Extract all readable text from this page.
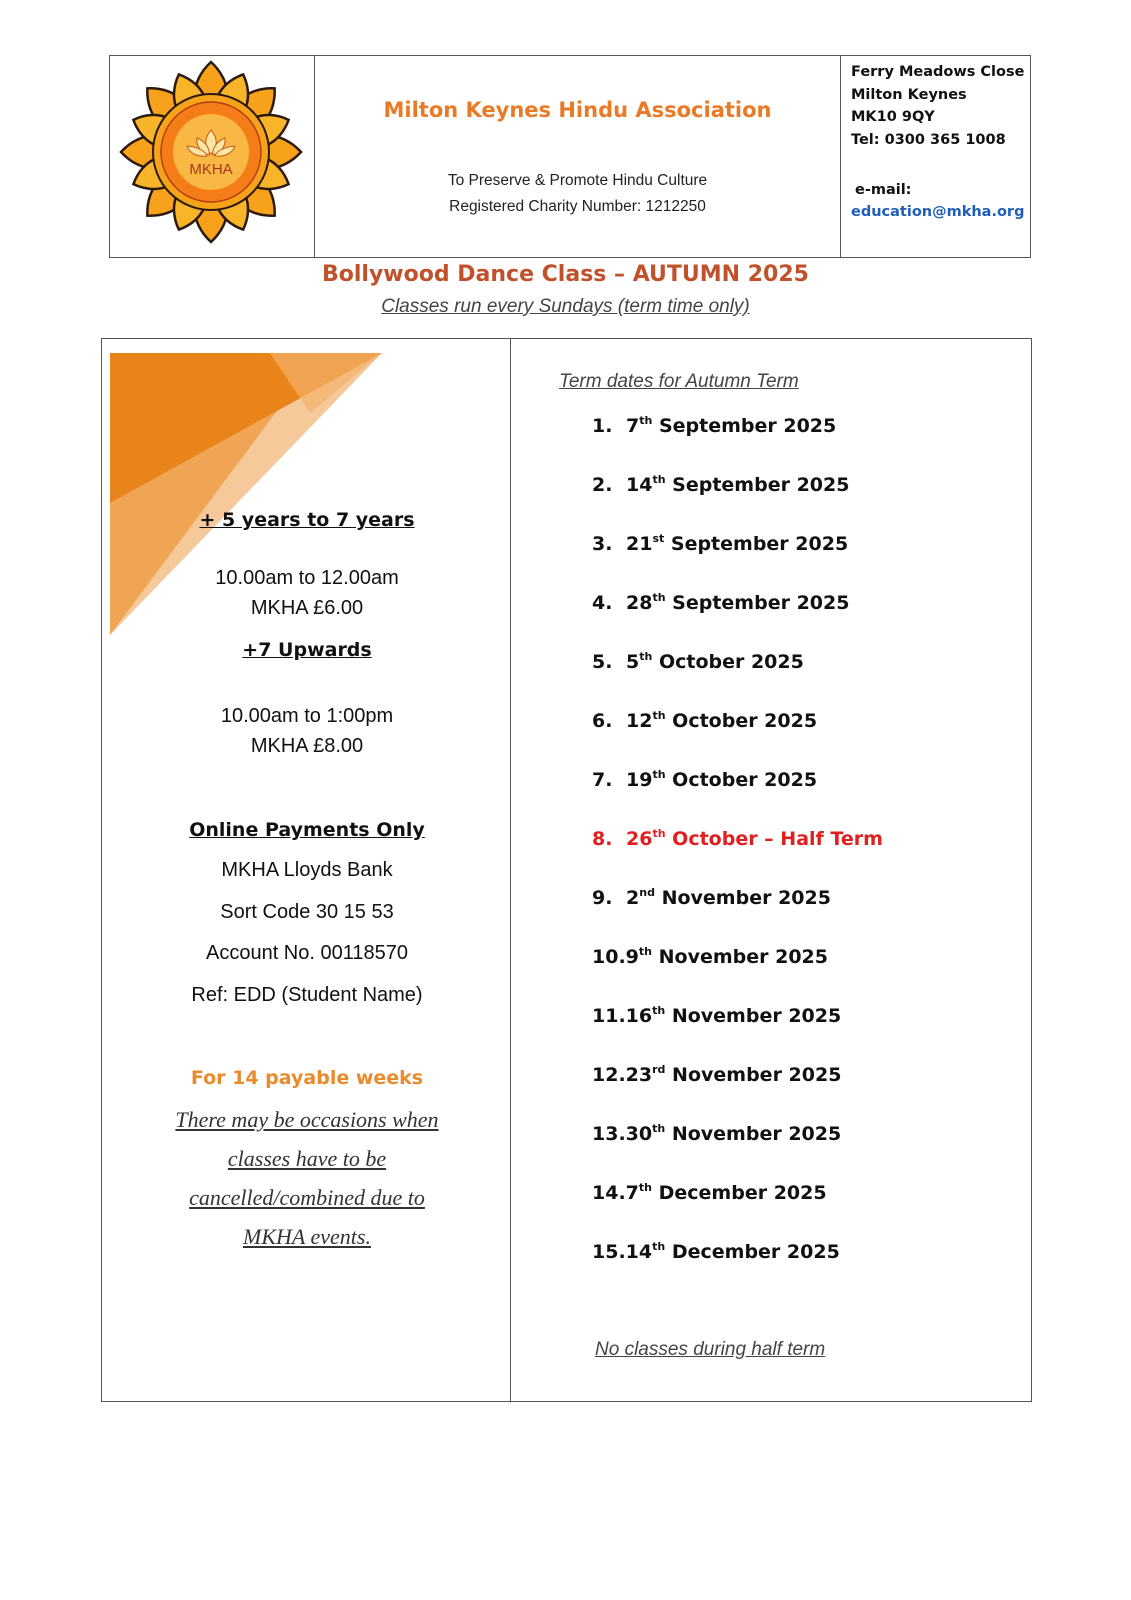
MKHA
Milton Keynes Hindu Association
To Preserve & Promote Hindu Culture
Registered Charity Number: 1212250
Ferry Meadows Close
Milton Keynes
MK10 9QY
Tel: 0300 365 1008
e-mail:
education@mkha.org
Bollywood Dance Class – AUTUMN 2025
Classes run every Sundays (term time only)
+ 5 years to 7 years
10.00am to 12.00am
MKHA £6.00
+7 Upwards
10.00am to 1:00pm
MKHA £8.00
Online Payments Only
MKHA Lloyds Bank
Sort Code 30 15 53
Account No. 00118570
Ref: EDD (Student Name)
For 14 payable weeks
There may be occasions when
classes have to be
cancelled/combined due to
MKHA events.
Term dates for Autumn Term
1. 7th September 2025
2. 14th September 2025
3. 21st September 2025
4. 28th September 2025
5. 5th October 2025
6. 12th October 2025
7. 19th October 2025
8. 26th October – Half Term
9. 2nd November 2025
10.9th November 2025
11.16th November 2025
12.23rd November 2025
13.30th November 2025
14.7th December 2025
15.14th December 2025
No classes during half term
